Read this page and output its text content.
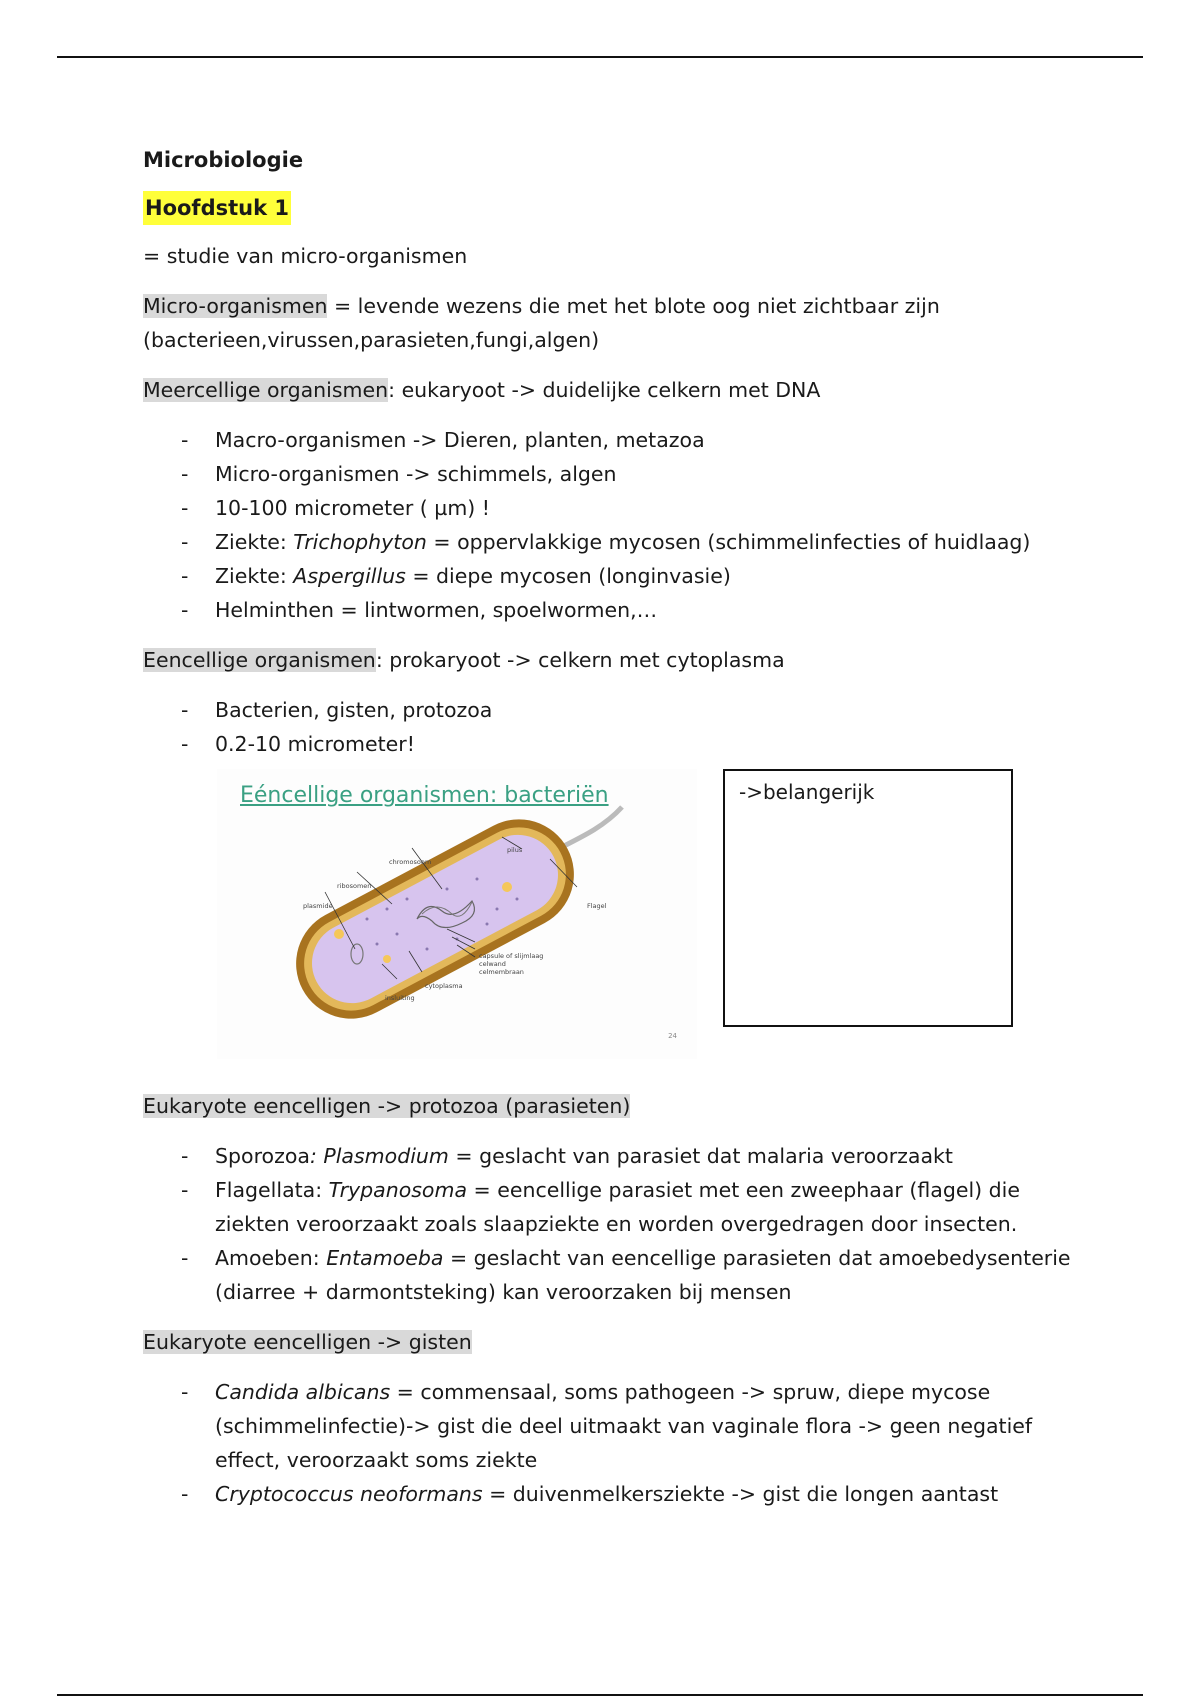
Microbiologie
Hoofdstuk 1
= studie van micro-organismen
Micro-organismen = levende wezens die met het blote oog niet zichtbaar zijn
(bacterieen,virussen,parasieten,fungi,algen)
Meercellige organismen: eukaryoot -> duidelijke celkern met DNA
- Macro-organismen -> Dieren, planten, metazoa
- Micro-organismen -> schimmels, algen
- 10-100 micrometer ( µm) !
- Ziekte: Trichophyton = oppervlakkige mycosen (schimmelinfecties of huidlaag)
- Ziekte: Aspergillus = diepe mycosen (longinvasie)
- Helminthen = lintwormen, spoelwormen,…
Eencellige organismen: prokaryoot -> celkern met cytoplasma
- Bacterien, gisten, protozoa
- 0.2-10 micrometer!
Eéncellige organismen: bacteriën
pilus
chromosoom
ribosomen
plasmide	Flagel
capsule of slijmlaag
celwand
celmembraan
cytoplasma
insluiting
24
->belangerijk
Eukaryote eencelligen -> protozoa (parasieten)
- Sporozoa: Plasmodium = geslacht van parasiet dat malaria veroorzaakt
- Flagellata: Trypanosoma = eencellige parasiet met een zweephaar (flagel) die ziekten veroorzaakt zoals slaapziekte en worden overgedragen door insecten.
- Amoeben: Entamoeba = geslacht van eencellige parasieten dat amoebedysenterie (diarree + darmontsteking) kan veroorzaken bij mensen
Eukaryote eencelligen -> gisten
- Candida albicans = commensaal, soms pathogeen -> spruw, diepe mycose (schimmelinfectie)-> gist die deel uitmaakt van vaginale flora -> geen negatief effect, veroorzaakt soms ziekte
- Cryptococcus neoformans = duivenmelkersziekte -> gist die longen aantast
